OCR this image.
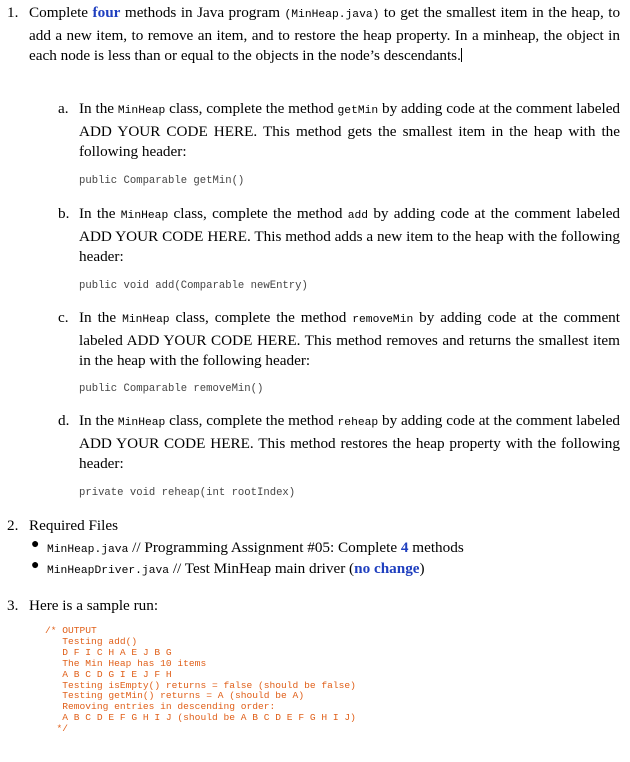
1. Complete four methods in Java program (MinHeap.java) to get the smallest item in the heap, to add a new item, to remove an item, and to restore the heap property. In a minheap, the object in each node is less than or equal to the objects in the node’s descendants.
a. In the MinHeap class, complete the method getMin by adding code at the comment labeled ADD YOUR CODE HERE. This method gets the smallest item in the heap with the following header:
public Comparable getMin()
b. In the MinHeap class, complete the method add by adding code at the comment labeled ADD YOUR CODE HERE. This method adds a new item to the heap with the following header:
public void add(Comparable newEntry)
c. In the MinHeap class, complete the method removeMin by adding code at the comment labeled ADD YOUR CODE HERE. This method removes and returns the smallest item in the heap with the following header:
public Comparable removeMin()
d. In the MinHeap class, complete the method reheap by adding code at the comment labeled ADD YOUR CODE HERE. This method restores the heap property with the following header:
private void reheap(int rootIndex)
2. Required Files
● MinHeap.java // Programming Assignment #05: Complete 4 methods
● MinHeapDriver.java // Test MinHeap main driver (no change)
3. Here is a sample run:
/* OUTPUT
Testing add()
D F I C H A E J B G
The Min Heap has 10 items
A B C D G I E J F H
Testing isEmpty() returns = false (should be false)
Testing getMin() returns = A (should be A)
Removing entries in descending order:
A B C D E F G H I J (should be A B C D E F G H I J)
*/
